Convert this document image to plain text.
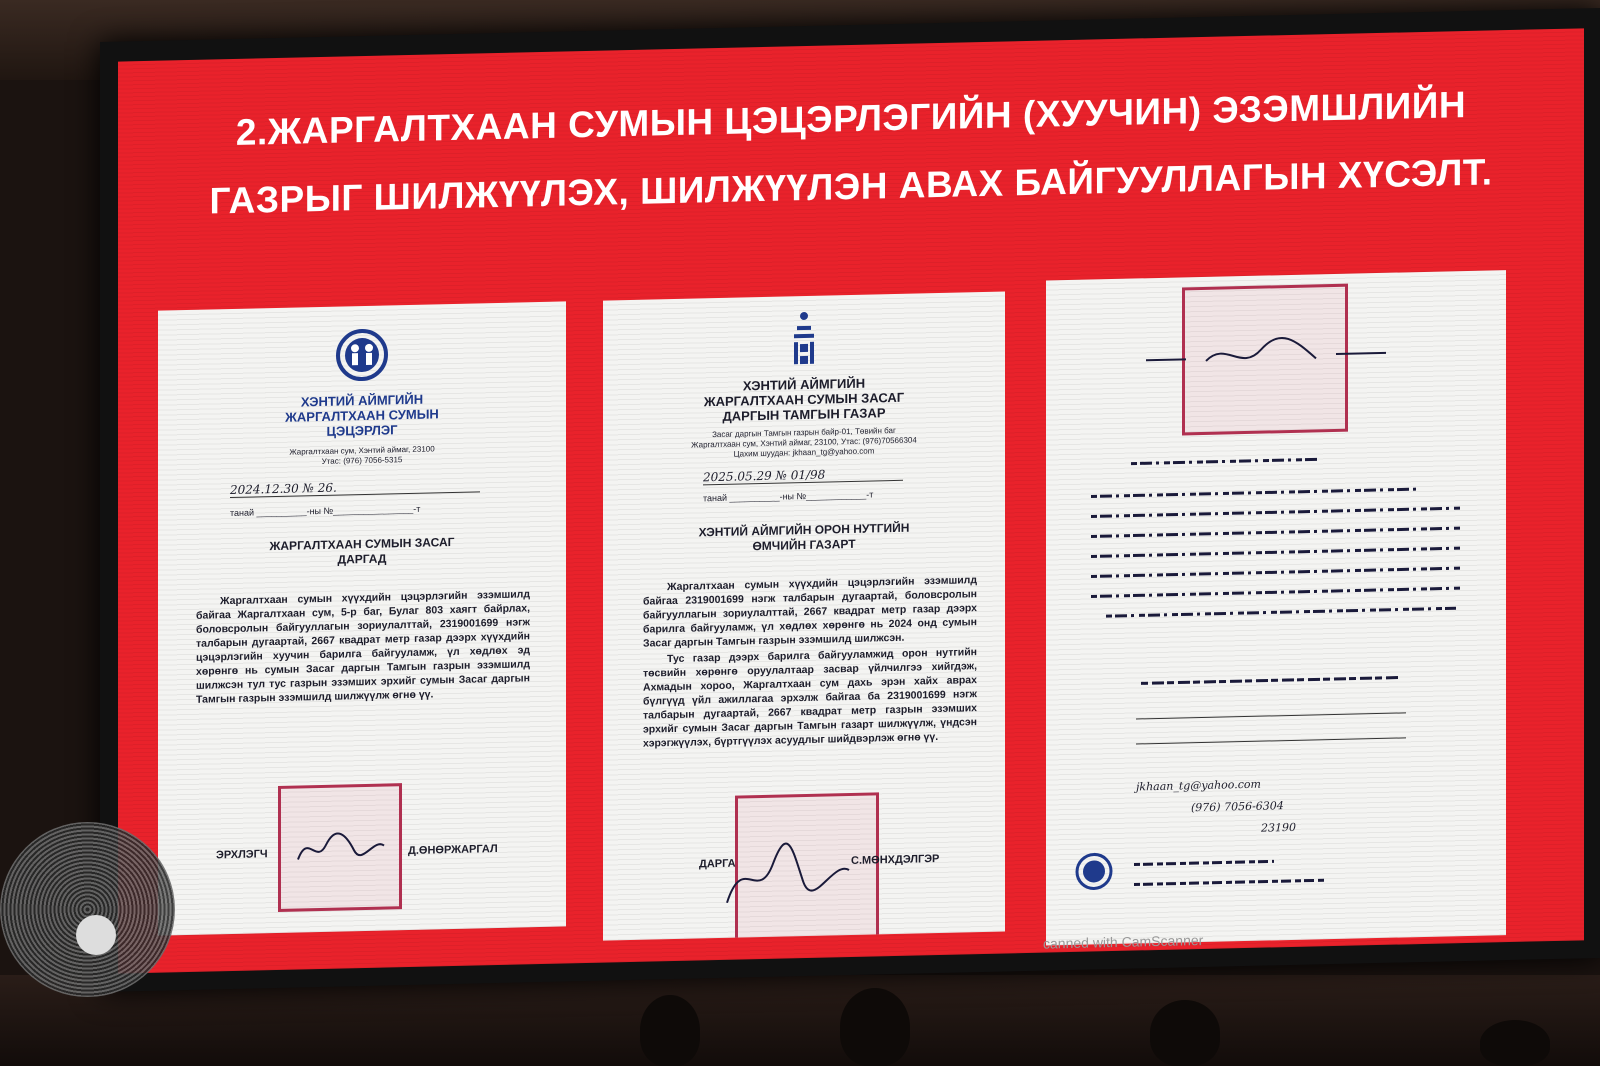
2.ЖАРГАЛТХААН СУМЫН ЦЭЦЭРЛЭГИЙН (ХУУЧИН) ЭЗЭМШЛИЙН
ГАЗРЫГ ШИЛЖҮҮЛЭХ, ШИЛЖҮҮЛЭН АВАХ БАЙГУУЛЛАГЫН ХҮСЭЛТ.
ХЭНТИЙ АЙМГИЙН
ЖАРГАЛТХААН СУМЫН
ЦЭЦЭРЛЭГ
Жаргалтхаан сум, Хэнтий аймаг, 23100
Утас: (976) 7056-5315
2024.12.30 № 26.
танай __________-ны №________________-т
ЖАРГАЛТХААН СУМЫН ЗАСАГ
ДАРГАД
Жаргалтхаан сумын хүүхдийн цэцэрлэгийн эзэмшилд байгаа Жаргалтхаан сум, 5-р баг, Булаг 803 хаягт байрлах, боловсролын байгууллагын зориулалттай, 2319001699 нэгж талбарын дугаартай, 2667 квадрат метр газар дээрх хүүхдийн цэцэрлэгийн хуучин барилга байгууламж, үл хөдлөх эд хөрөнгө нь сумын Засаг даргын Тамгын газрын эзэмшилд шилжсэн тул тус газрын эзэмших эрхийг сумын Засаг даргын Тамгын газрын эзэмшилд шилжүүлж өгнө үү.
ЭРХЛЭГЧ	Д.ӨНӨРЖАРГАЛ
ХЭНТИЙ АЙМГИЙН
ЖАРГАЛТХААН СУМЫН ЗАСАГ
ДАРГЫН ТАМГЫН ГАЗАР
Засаг даргын Тамгын газрын байр-01, Төвийн баг
Жаргалтхаан сум, Хэнтий аймаг, 23100, Утас: (976)70566304
Цахим шуудан: jkhaan_tg@yahoo.com
2025.05.29 № 01/98
танай __________-ны №____________-т
ХЭНТИЙ АЙМГИЙН ОРОН НУТГИЙН
ӨМЧИЙН ГАЗАРТ
Жаргалтхаан сумын хүүхдийн цэцэрлэгийн эзэмшилд байгаа 2319001699 нэгж талбарын дугаартай, боловсролын байгууллагын зориулалттай, 2667 квадрат метр газар дээрх барилга байгууламж, үл хөдлөх хөрөнгө нь 2024 онд сумын Засаг даргын Тамгын газрын эзэмшилд шилжсэн.
Тус газар дээрх барилга байгууламжид орон нутгийн төсвийн хөрөнгө оруулалтаар засвар үйлчилгээ хийгдэж, Ахмадын хороо, Жаргалтхаан сум дахь эрэн хайх аврах бүлгүүд үйл ажиллагаа эрхэлж байгаа ба 2319001699 нэгж талбарын дугаартай, 2667 квадрат метр газрын эзэмших эрхийг сумын Засаг даргын Тамгын газарт шилжүүлж, үндсэн хэрэгжүүлэх, бүртгүүлэх асуудлыг шийдвэрлэж өгнө үү.
ДАРГА	С.МӨНХДЭЛГЭР
jkhaan_tg@yahoo.com
(976) 7056-6304
23190
canned with CamScanner
